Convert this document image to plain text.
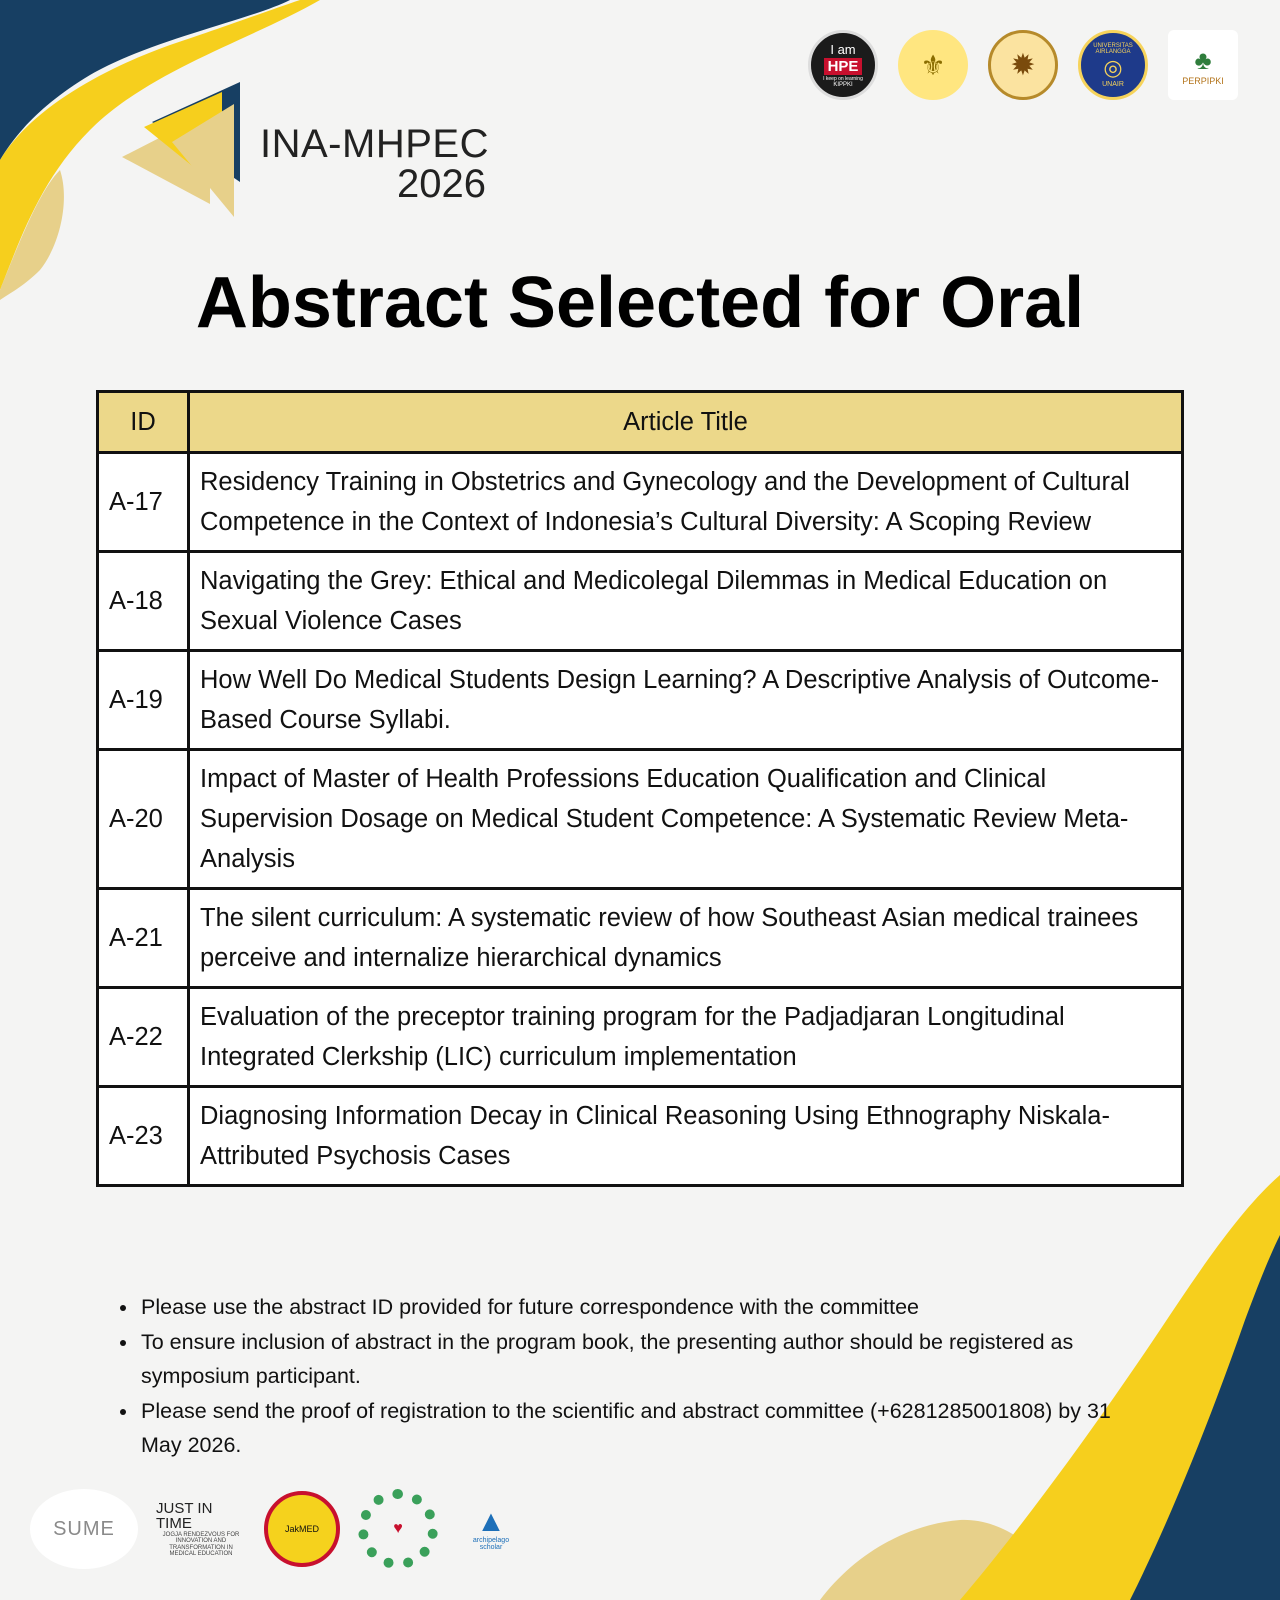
INA-MHPEC
2026
I am
HPE
I keep on learning
KIPPKI
⚜	✹
UNIVERSITAS AIRLANGGA
◎
UNAIR
♣
PERPIPKI
Abstract Selected for Oral
ID	Article Title
A-17	Residency Training in Obstetrics and Gynecology and the Development of Cultural Competence in the Context of Indonesia’s Cultural Diversity: A Scoping Review
A-18	Navigating the Grey: Ethical and Medicolegal Dilemmas in Medical Education on Sexual Violence Cases
A-19	How Well Do Medical Students Design Learning? A Descriptive Analysis of Outcome-Based Course Syllabi.
A-20	Impact of Master of Health Professions Education Qualification and Clinical Supervision Dosage on Medical Student Competence: A Systematic Review Meta-Analysis
A-21	The silent curriculum: A systematic review of how Southeast Asian medical trainees perceive and internalize hierarchical dynamics
A-22	Evaluation of the preceptor training program for the Padjadjaran Longitudinal Integrated Clerkship (LIC) curriculum implementation
A-23	Diagnosing Information Decay in Clinical Reasoning Using Ethnography Niskala-Attributed Psychosis Cases
• Please use the abstract ID provided for future correspondence with the committee
• To ensure inclusion of abstract in the program book, the presenting author should be registered as symposium participant.
• Please send the proof of registration to the scientific and abstract committee (+6281285001808) by 31 May 2026.
SUME
JUST IN
TIME
JOGJA RENDEZVOUS FOR INNOVATION AND TRANSFORMATION IN MEDICAL EDUCATION
JakMED	♥ ▲
archipelago
scholar
